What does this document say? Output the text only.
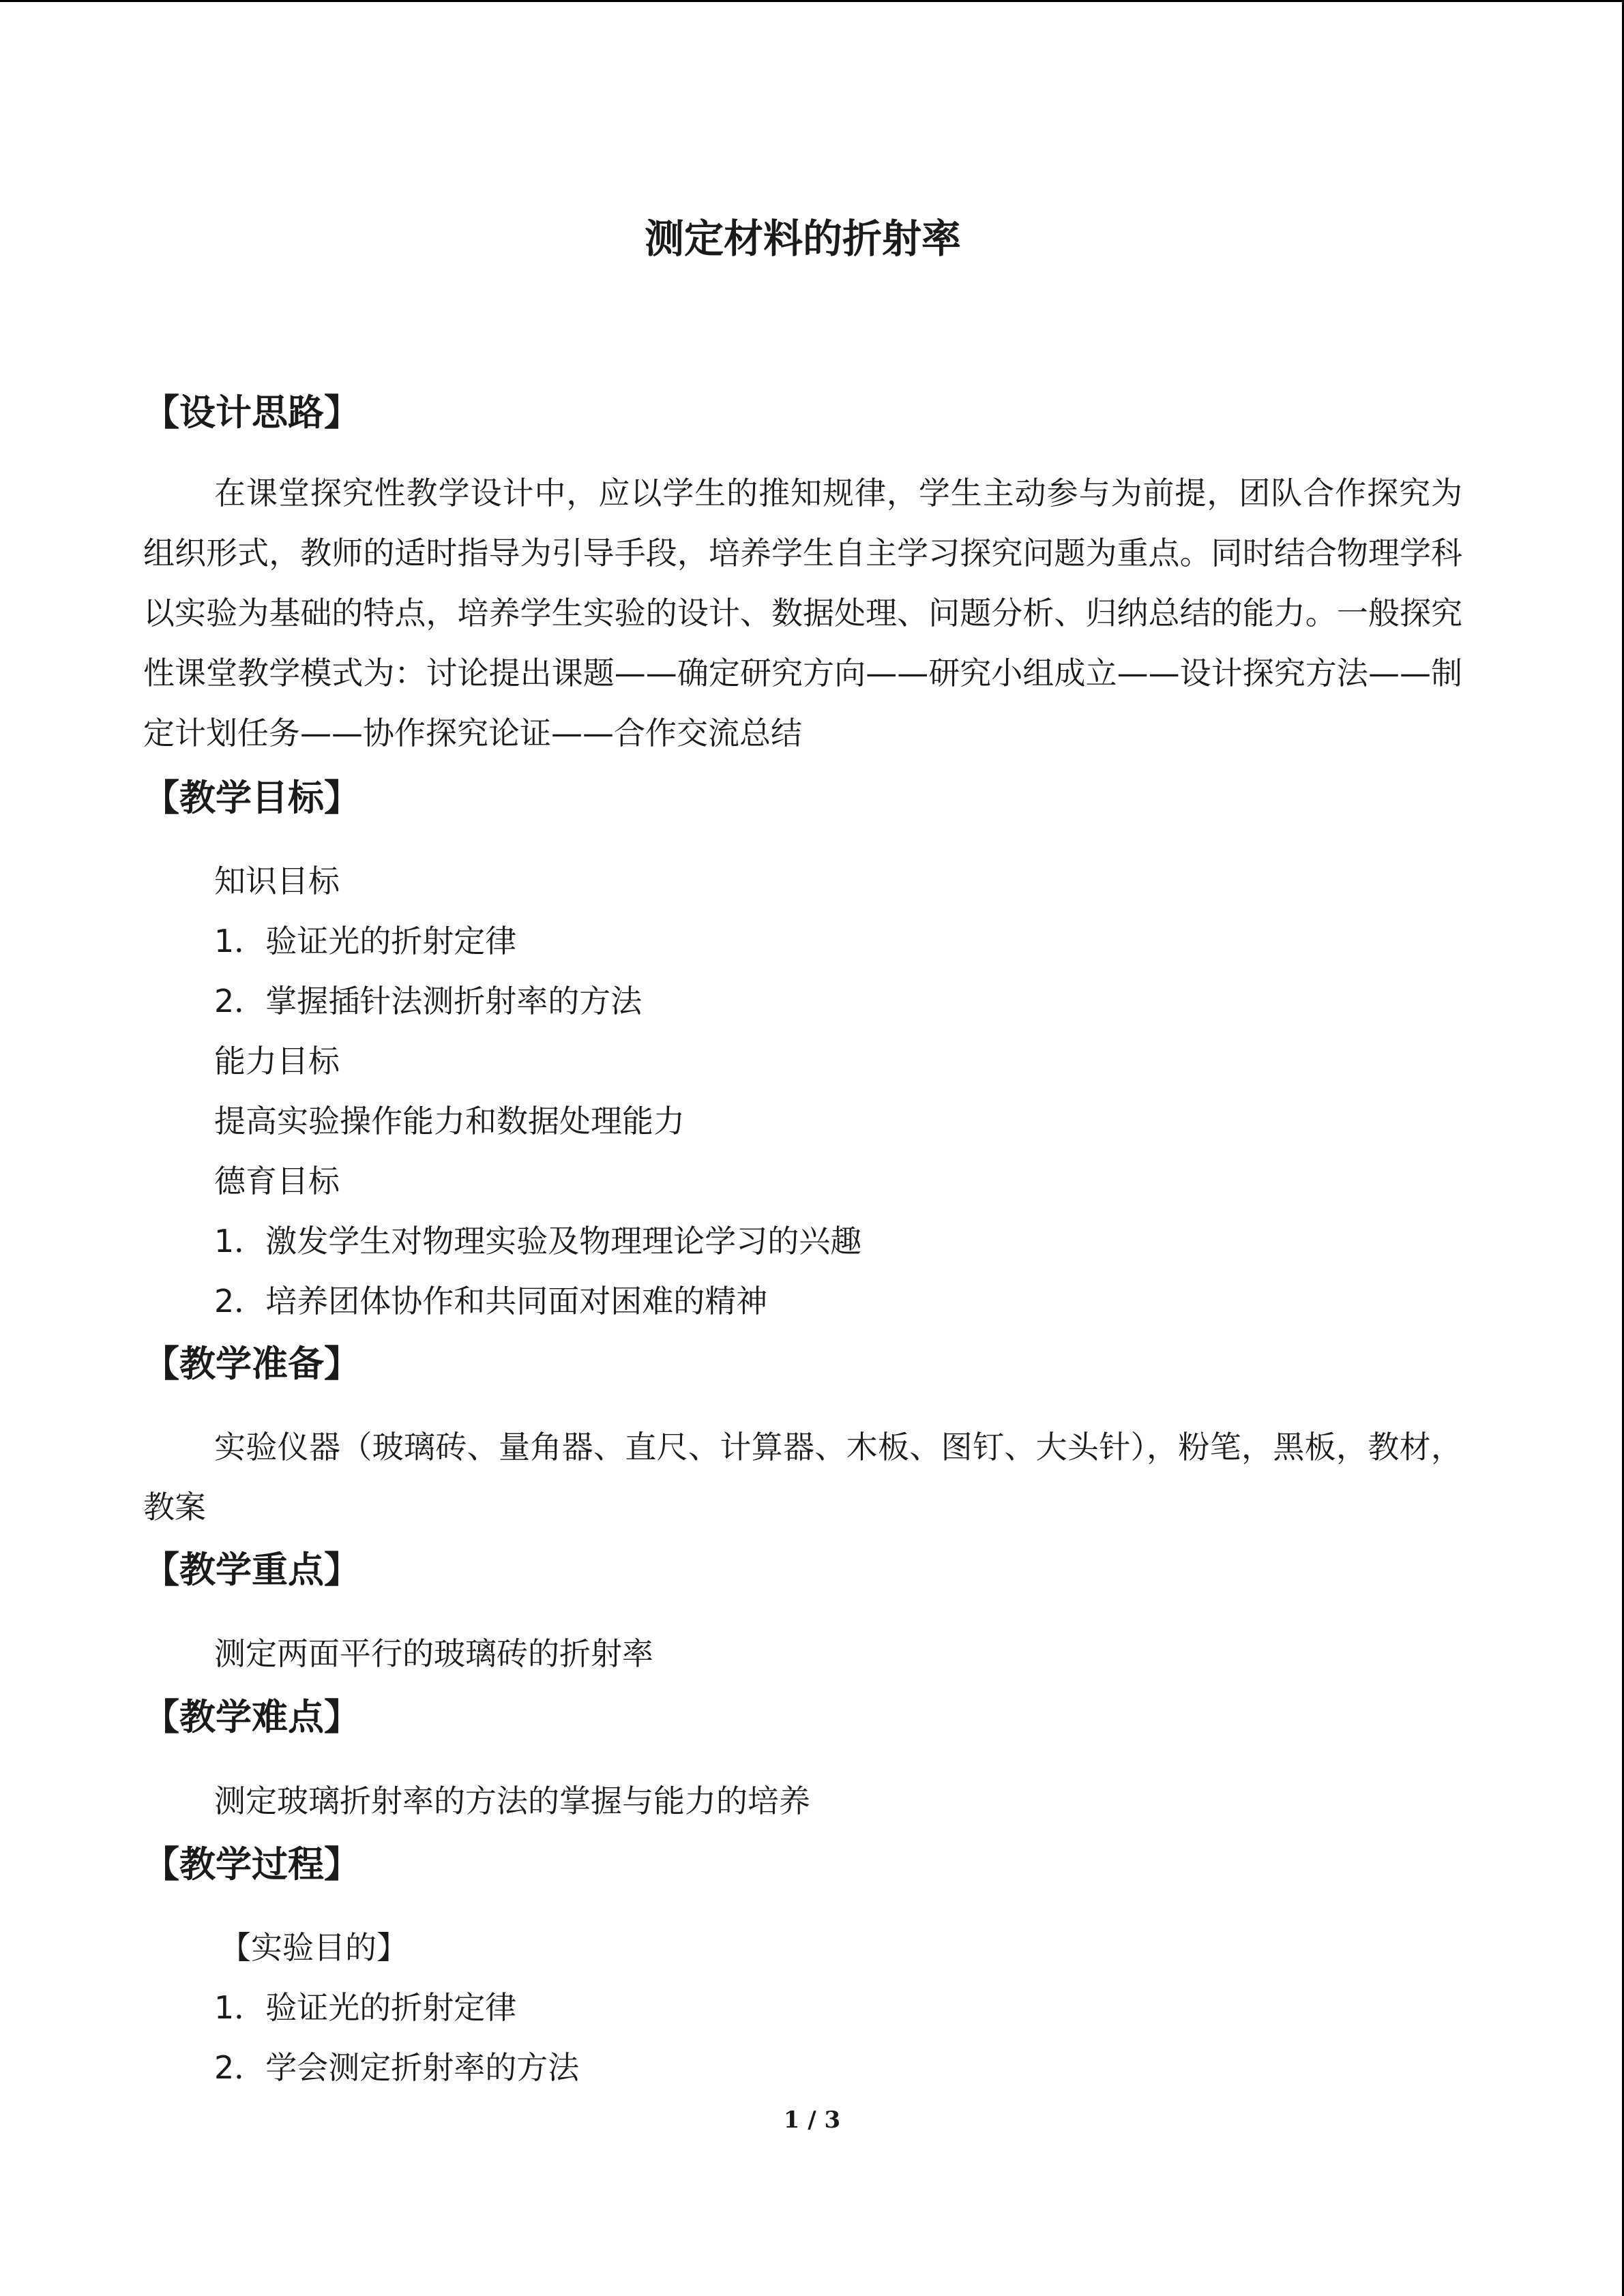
测定材料的折射率
【设计思路】
在课堂探究性教学设计中，应以学生的推知规律，学生主动参与为前提，团队合作探究为组织形式，教师的适时指导为引导手段，培养学生自主学习探究问题为重点。同时结合物理学科以实验为基础的特点，培养学生实验的设计、数据处理、问题分析、归纳总结的能力。一般探究性课堂教学模式为：讨论提出课题——确定研究方向——研究小组成立——设计探究方法——制定计划任务——协作探究论证——合作交流总结
【教学目标】
知识目标
1．验证光的折射定律
2．掌握插针法测折射率的方法
能力目标
提高实验操作能力和数据处理能力
德育目标
1．激发学生对物理实验及物理理论学习的兴趣
2．培养团体协作和共同面对困难的精神
【教学准备】
实验仪器（玻璃砖、量角器、直尺、计算器、木板、图钉、大头针），粉笔，黑板，教材，教案
【教学重点】
测定两面平行的玻璃砖的折射率
【教学难点】
测定玻璃折射率的方法的掌握与能力的培养
【教学过程】
【实验目的】
1．验证光的折射定律
2．学会测定折射率的方法
1 / 3
